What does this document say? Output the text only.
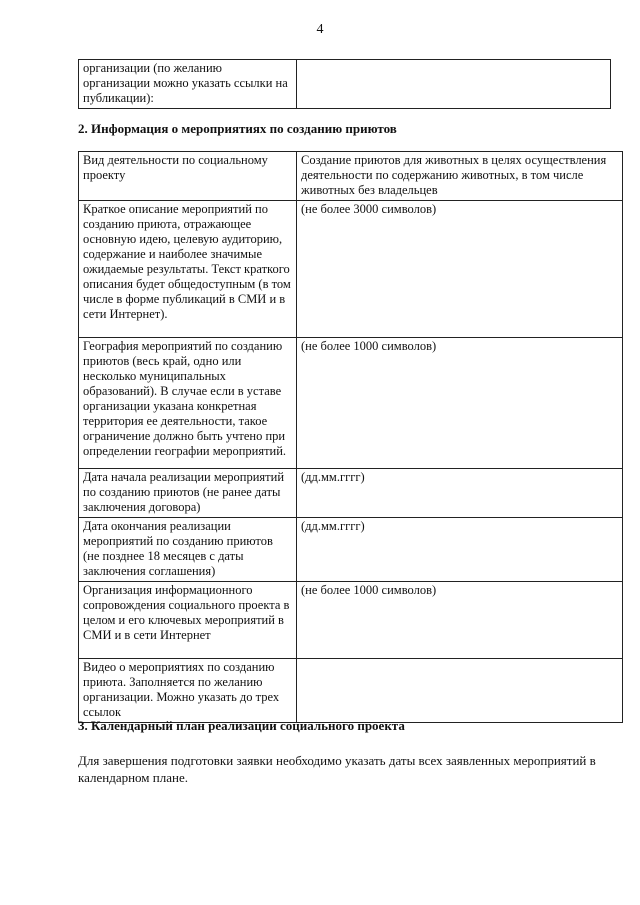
4
организации (по желанию организации можно указать ссылки на публикации):	
2. Информация о мероприятиях по созданию приютов
Вид деятельности по социальному проекту	Создание приютов для животных в целях осуществления деятельности по содержанию животных, в том числе животных без владельцев
Краткое описание мероприятий по созданию приюта, отражающее основную идею, целевую аудиторию, содержание и наиболее значимые ожидаемые результаты. Текст краткого описания будет общедоступным (в том числе в форме публикаций в СМИ и в сети Интернет).	(не более 3000 символов)
География мероприятий по созданию приютов (весь край, одно или несколько муниципальных образований). В случае если в уставе организации указана конкретная территория ее деятельности, такое ограничение должно быть учтено при определении географии мероприятий.	(не более 1000 символов)
Дата начала реализации мероприятий по созданию приютов (не ранее даты заключения договора)	(дд.мм.гггг)
Дата окончания реализации мероприятий по созданию приютов (не позднее 18 месяцев с даты заключения соглашения)	(дд.мм.гггг)
Организация информационного сопровождения социального проекта в целом и его ключевых мероприятий в СМИ и в сети Интернет	(не более 1000 символов)
Видео о мероприятиях по созданию приюта. Заполняется по желанию организации. Можно указать до трех ссылок	
3. Календарный план реализации социального проекта
Для завершения подготовки заявки необходимо указать даты всех заявленных мероприятий в календарном плане.
